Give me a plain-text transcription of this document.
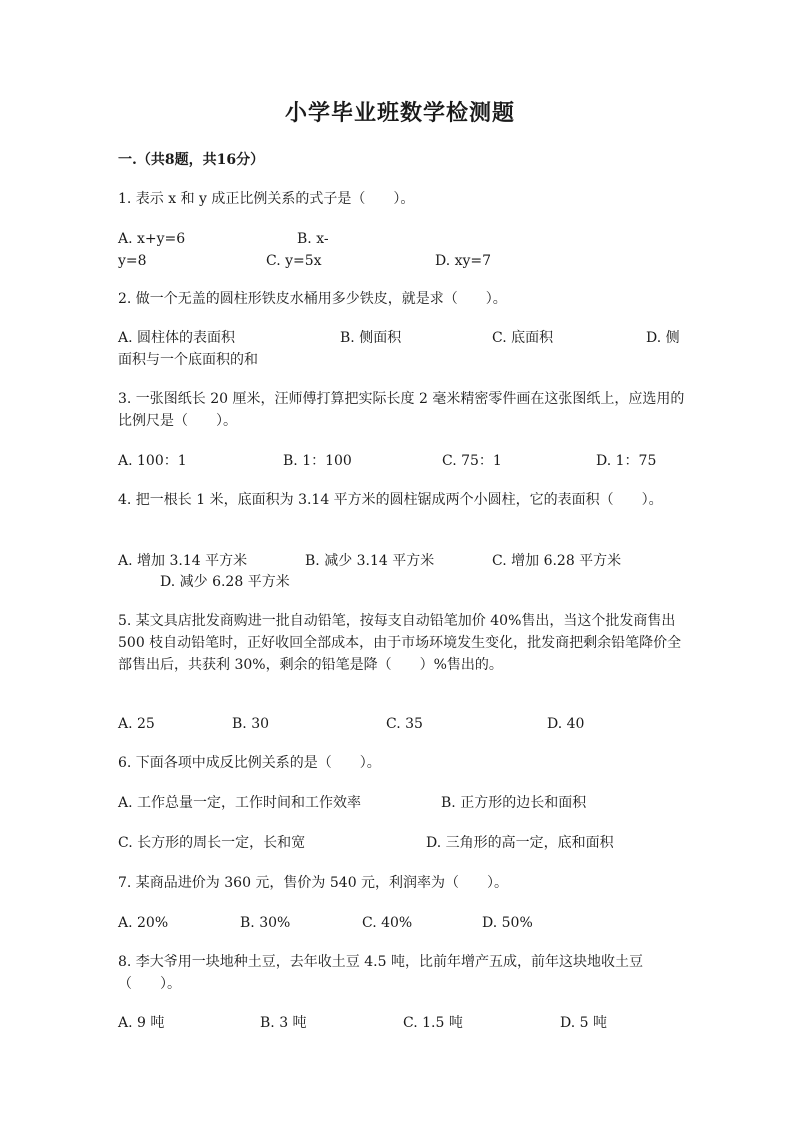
小学毕业班数学检测题
一.（共8题，共16分）
1. 表示 x 和 y 成正比例关系的式子是（　　）。
A. x+y=6	B. x-
y=8	C. y=5x	D. xy=7
2. 做一个无盖的圆柱形铁皮水桶用多少铁皮，就是求（　　）。
A. 圆柱体的表面积	B. 侧面积	C. 底面积	D. 侧
面积与一个底面积的和
3. 一张图纸长 20 厘米，汪师傅打算把实际长度 2 毫米精密零件画在这张图纸上，应选用的比例尺是（　　）。
A. 100：1	B. 1：100	C. 75：1	D. 1：75
4. 把一根长 1 米，底面积为 3.14 平方米的圆柱锯成两个小圆柱，它的表面积（　　）。
A. 增加 3.14 平方米	B. 减少 3.14 平方米	C. 增加 6.28 平方米
D. 减少 6.28 平方米
5. 某文具店批发商购进一批自动铅笔，按每支自动铅笔加价 40%售出，当这个批发商售出 500 枝自动铅笔时，正好收回全部成本，由于市场环境发生变化，批发商把剩余铅笔降价全部售出后，共获利 30%，剩余的铅笔是降（　　）%售出的。
A. 25	B. 30	C. 35	D. 40
6. 下面各项中成反比例关系的是（　　）。
A. 工作总量一定，工作时间和工作效率	B. 正方形的边长和面积
C. 长方形的周长一定，长和宽	D. 三角形的高一定，底和面积
7. 某商品进价为 360 元，售价为 540 元，利润率为（　　）。
A. 20%	B. 30%	C. 40%	D. 50%
8. 李大爷用一块地种土豆，去年收土豆 4.5 吨，比前年增产五成，前年这块地收土豆（　　）。
A. 9 吨	B. 3 吨	C. 1.5 吨	D. 5 吨
